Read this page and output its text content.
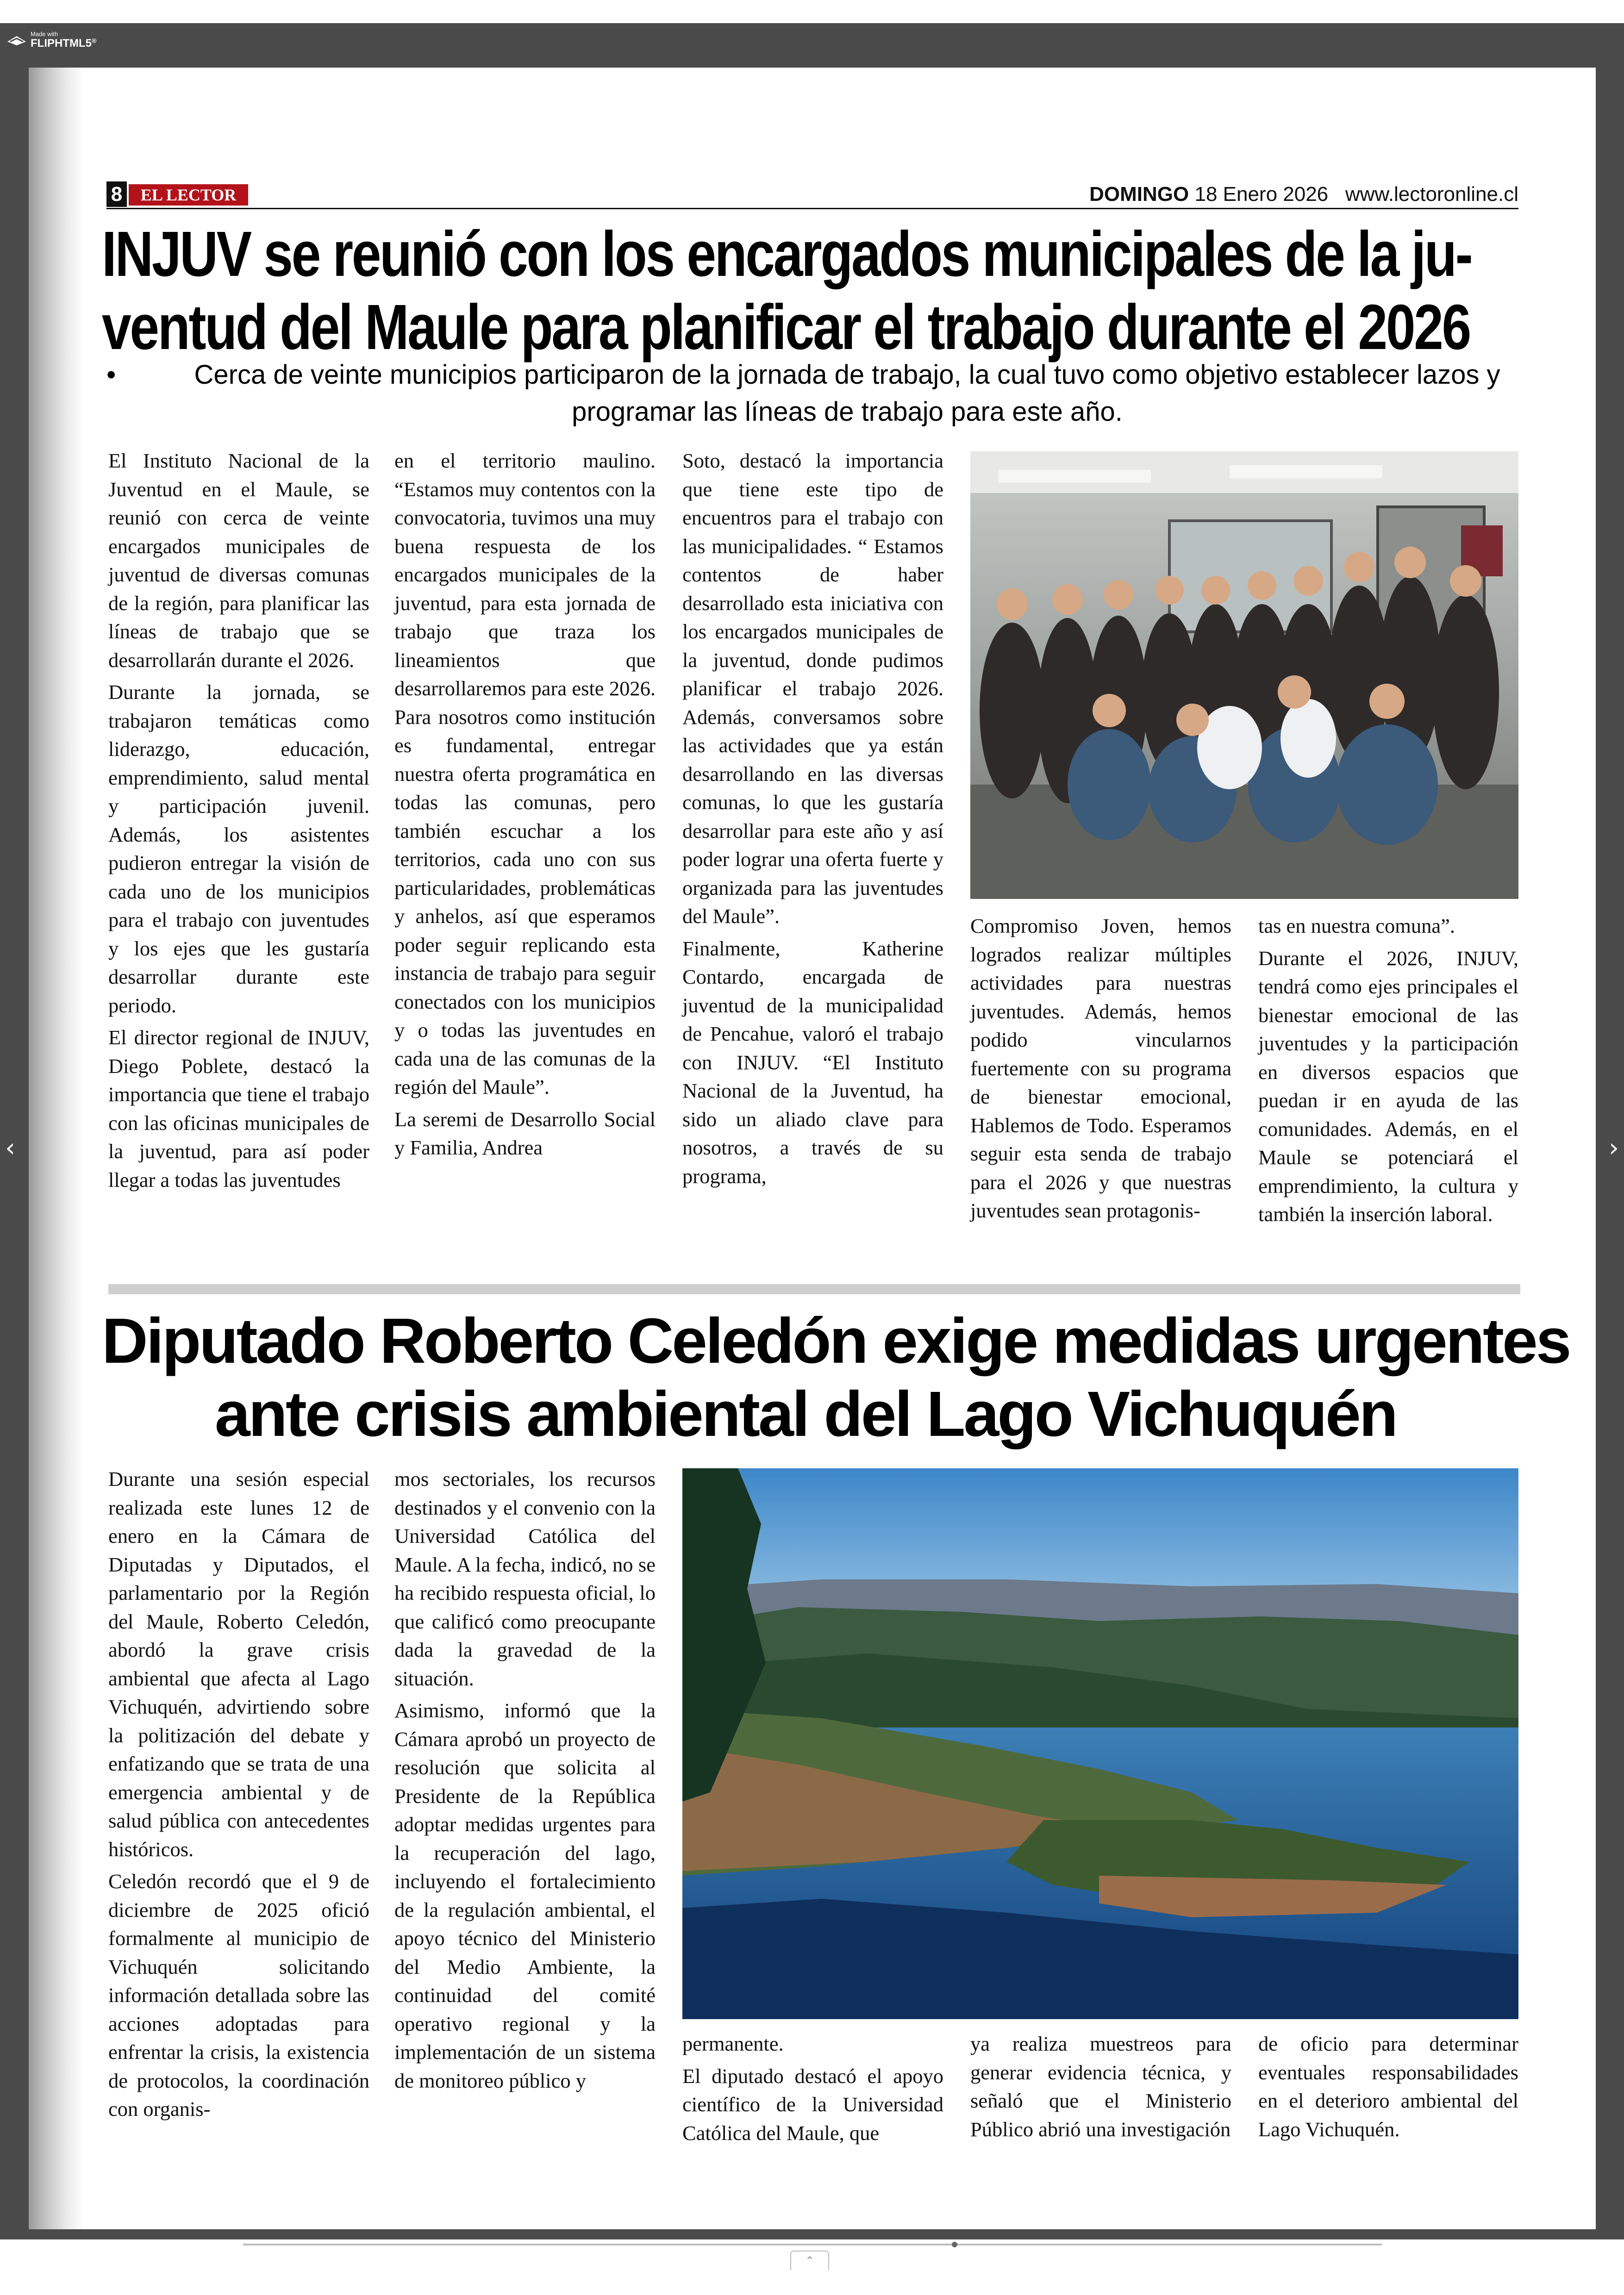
Made with
FLIPHTML5®
‹	›
8	EL LECTOR	DOMINGO 18 Enero 2026 www.lectoronline.cl
INJUV se reunió con los encargados municipales de la ju-
ventud del Maule para planificar el trabajo durante el 2026
•	Cerca de veinte municipios participaron de la jornada de trabajo, la cual tuvo como objetivo establecer lazos y programar las líneas de trabajo para este año.

El Instituto Nacional de la Juventud en el Maule, se reunió con cerca de veinte encargados municipales de juventud de diversas comunas de la región, para planificar las líneas de trabajo que se desarrollarán durante el 2026.

Durante la jornada, se trabajaron temáticas como liderazgo, educación, emprendimiento, salud mental y participación juvenil. Además, los asistentes pudieron entregar la visión de cada uno de los municipios para el trabajo con juventudes y los ejes que les gustaría desarrollar durante este periodo.

El director regional de INJUV, Diego Poblete, destacó la importancia que tiene el trabajo con las oficinas municipales de la juventud, para así poder llegar a todas las juventudes

en el territorio maulino. “Estamos muy contentos con la convocatoria, tuvimos una muy buena respuesta de los encargados municipales de la juventud, para esta jornada de trabajo que traza los lineamientos que desarrollaremos para este 2026. Para nosotros como institución es fundamental, entregar nuestra oferta programática en todas las comunas, pero también escuchar a los territorios, cada uno con sus particularidades, problemáticas y anhelos, así que esperamos poder seguir replicando esta instancia de trabajo para seguir conectados con los municipios y o todas las juventudes en cada una de las comunas de la región del Maule”.

La seremi de Desarrollo Social y Familia, Andrea

Soto, destacó la importancia que tiene este tipo de encuentros para el trabajo con las municipalidades. “ Estamos contentos de haber desarrollado esta iniciativa con los encargados municipales de la juventud, donde pudimos planificar el trabajo 2026. Además, conversamos sobre las actividades que ya están desarrollando en las diversas comunas, lo que les gustaría desarrollar para este año y así poder lograr una oferta fuerte y organizada para las juventudes del Maule”.

Finalmente, Katherine Contardo, encargada de juventud de la municipalidad de Pencahue, valoró el trabajo con INJUV. “El Instituto Nacional de la Juventud, ha sido un aliado clave para nosotros, a través de su programa,

Compromiso Joven, hemos logrados realizar múltiples actividades para nuestras juventudes. Además, hemos podido vincularnos fuertemente con su programa de bienestar emocional, Hablemos de Todo. Esperamos seguir esta senda de trabajo para el 2026 y que nuestras juventudes sean protagonis-

tas en nuestra comuna”.

Durante el 2026, INJUV, tendrá como ejes principales el bienestar emocional de las juventudes y la participación en diversos espacios que puedan ir en ayuda de las comunidades. Además, en el Maule se potenciará el emprendimiento, la cultura y también la inserción laboral.

Diputado Roberto Celedón exige medidas urgentes
ante crisis ambiental del Lago Vichuquén

Durante una sesión especial realizada este lunes 12 de enero en la Cámara de Diputadas y Diputados, el parlamentario por la Región del Maule, Roberto Celedón, abordó la grave crisis ambiental que afecta al Lago Vichuquén, advirtiendo sobre la politización del debate y enfatizando que se trata de una emergencia ambiental y de salud pública con antecedentes históricos.

Celedón recordó que el 9 de diciembre de 2025 ofició formalmente al municipio de Vichuquén solicitando información detallada sobre las acciones adoptadas para enfrentar la crisis, la existencia de protocolos, la coordinación con organis-

mos sectoriales, los recursos destinados y el convenio con la Universidad Católica del Maule. A la fecha, indicó, no se ha recibido respuesta oficial, lo que calificó como preocupante dada la gravedad de la situación.

Asimismo, informó que la Cámara aprobó un proyecto de resolución que solicita al Presidente de la República adoptar medidas urgentes para la recuperación del lago, incluyendo el fortalecimiento de la regulación ambiental, el apoyo técnico del Ministerio del Medio Ambiente, la continuidad del comité operativo regional y la implementación de un sistema de monitoreo público y

permanente.

El diputado destacó el apoyo científico de la Universidad Católica del Maule, que

ya realiza muestreos para generar evidencia técnica, y señaló que el Ministerio Público abrió una investigación

de oficio para determinar eventuales responsabilidades en el deterioro ambiental del Lago Vichuquén.

⌃
